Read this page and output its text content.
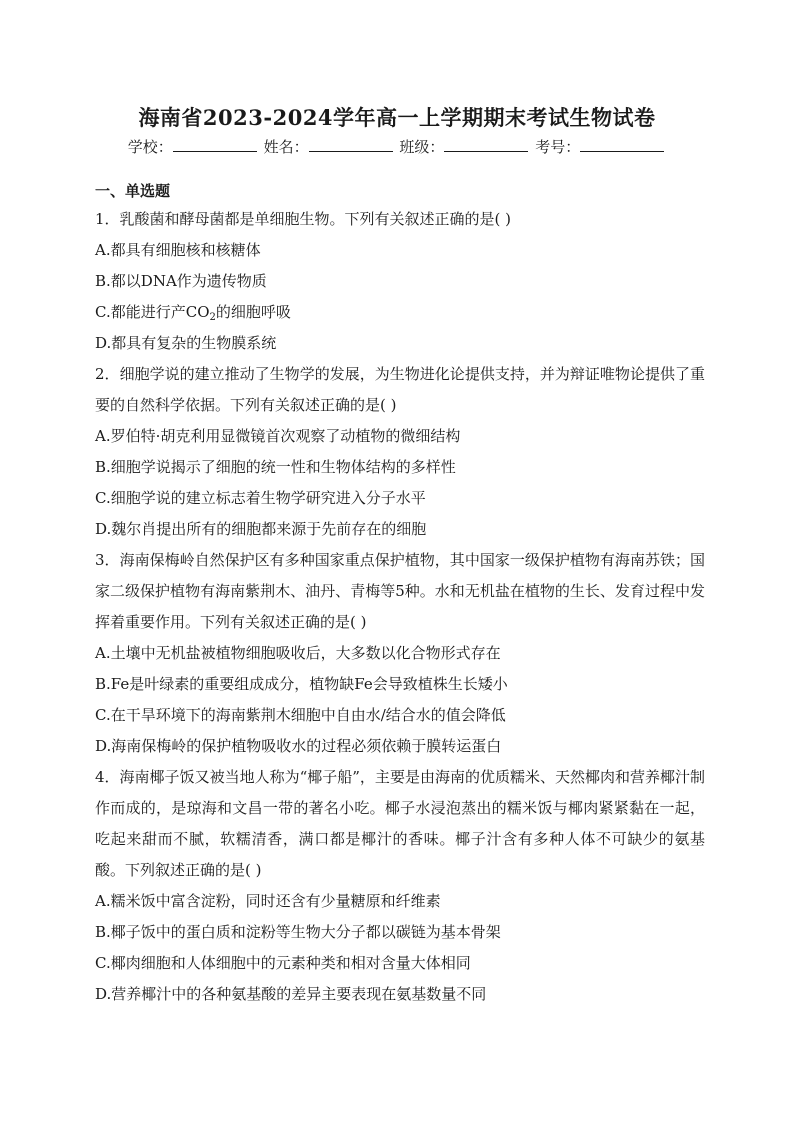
海南省2023-2024学年高一上学期期末考试生物试卷
学校：	姓名：	班级：	考号：
一、单选题

1．乳酸菌和酵母菌都是单细胞生物。下列有关叙述正确的是( )

A.都具有细胞核和核糖体

B.都以DNA作为遗传物质

C.都能进行产$CO_2$的细胞呼吸

D.都具有复杂的生物膜系统

2．细胞学说的建立推动了生物学的发展，为生物进化论提供支持，并为辩证唯物论提供了重要的自然科学依据。下列有关叙述正确的是( )

A.罗伯特·胡克利用显微镜首次观察了动植物的微细结构

B.细胞学说揭示了细胞的统一性和生物体结构的多样性

C.细胞学说的建立标志着生物学研究进入分子水平

D.魏尔肖提出所有的细胞都来源于先前存在的细胞

3．海南保梅岭自然保护区有多种国家重点保护植物，其中国家一级保护植物有海南苏铁；国家二级保护植物有海南紫荆木、油丹、青梅等5种。水和无机盐在植物的生长、发育过程中发挥着重要作用。下列有关叙述正确的是( )

A.土壤中无机盐被植物细胞吸收后，大多数以化合物形式存在

B.Fe是叶绿素的重要组成成分，植物缺Fe会导致植株生长矮小

C.在干旱环境下的海南紫荆木细胞中自由水/结合水的值会降低

D.海南保梅岭的保护植物吸收水的过程必须依赖于膜转运蛋白

4．海南椰子饭又被当地人称为“椰子船”，主要是由海南的优质糯米、天然椰肉和营养椰汁制作而成的，是琼海和文昌一带的著名小吃。椰子水浸泡蒸出的糯米饭与椰肉紧紧黏在一起，吃起来甜而不腻，软糯清香，满口都是椰汁的香味。椰子汁含有多种人体不可缺少的氨基酸。下列叙述正确的是( )

A.糯米饭中富含淀粉，同时还含有少量糖原和纤维素

B.椰子饭中的蛋白质和淀粉等生物大分子都以碳链为基本骨架

C.椰肉细胞和人体细胞中的元素种类和相对含量大体相同

D.营养椰汁中的各种氨基酸的差异主要表现在氨基数量不同
